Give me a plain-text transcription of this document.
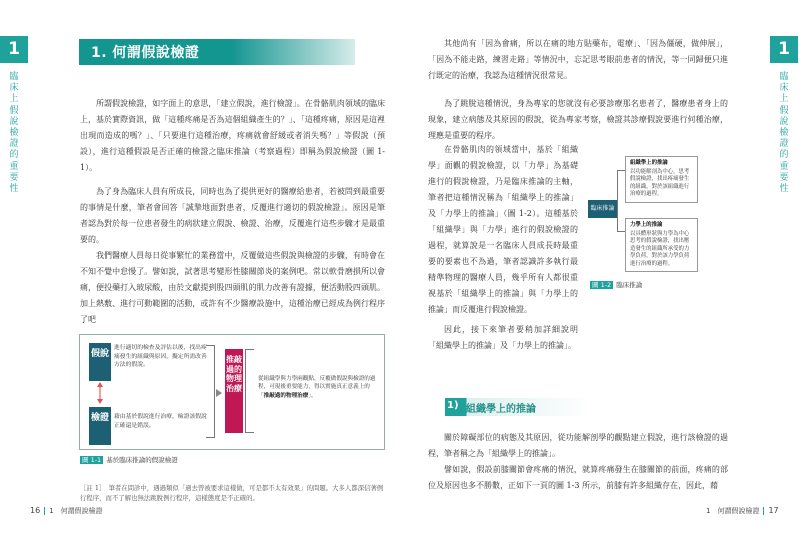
1
臨床上假說檢證的重要性
1
臨床上假說檢證的重要性
1. 何謂假說檢證

所謂假說檢證，如字面上的意思，「建立假說，進行檢證」。在骨骼肌肉領域的臨床上，基於實際資訊，做「這種疼痛是否為這個組織產生的？」、「這種疼痛，原因是這裡出現而造成的嗎？」、「只要進行這種治療，疼痛就會舒緩或者消失嗎？」等假說（預設），進行這種假設是否正確的檢證之臨床推論（考察過程）即稱為假說檢證（圖 1-1）。

為了身為臨床人員有所成長，同時也為了提供更好的醫療給患者，若被問到最重要的事情是什麼，筆者會回答「誠摯地面對患者，反覆進行適切的假說檢證」。原因是筆者認為對於每一位患者發生的病狀建立假說、檢證、治療，反覆進行這些步驟才是最重要的。

我們醫療人員每日從事繁忙的業務當中，反覆做這些假說與檢證的步驟，有時會在不知不覺中怠慢了。譬如說，試著思考變形性膝關節炎的案例吧。常以軟骨磨損所以會痛，便投藥打入玻尿酸，由於文獻提到股四頭肌的肌力改善有證據，便活動股四頭肌。加上熱敷、進行可動範圍的活動，或許有不少醫療設施中，這種治療已經成為例行程序了吧

假說
進行適切的檢查及評估以後，找出疼痛發生的組織與原因，擬定所需改善方法的假說。
檢證 藉由基於假說進行治療，檢證該假說正確還是錯誤。
推敲過的物理治療
從組織學與力學兩觀點，反覆做假說與檢證的過程，可現後重要能力，得以實施真正意義上的「推敲過的物理治療」。
圖 1-1 基於臨床推論的假說檢證
［註 1］　筆者在問診中，遇過類似「過去曾被要求這樣做，可是都不太有效果」的問題。大多人都深信著例行程序，而不了解也無法跳脫例行程序，這樣態度是不正確的。

其他尚有「因為會痛，所以在痛的地方貼藥布，電療」、「因為僵硬，做伸展」，「因為不能走路，練習走路」等情況中，忘記思考眼前患者的情況，等一同歸便只進行既定的治療，我認為這種情況很常見。

為了跳脫這種情況，身為專家的您就沒有必要診療那名患者了，醫療患者身上的現象，建立病態及其原因的假說，從為專家考察，檢證其診療假說要進行何種治療，理應是重要的程序。

在骨骼肌肉的領域當中，基於「組織學」面觀的假說檢證，以「力學」為基礎進行的假說檢證，乃是臨床推論的主軸，筆者把這種情況稱為「組織學上的推論」及「力學上的推論」（圖 1-2）。這種基於「組織學」與「力學」進行的假說檢證的過程，就算說是一名臨床人員成長時最重要的要素也不為過，筆者認識許多執行最精準物理的醫療人員，幾乎所有人都很重視基於「組織學上的推論」與「力學上的推論」而反覆進行假說檢證。

因此，接下來筆者要稍加詳細說明「組織學上的推論」及「力學上的推論」。

臨床推論
組織學上的推論
以功能解剖為中心，思考假說檢證，找出疼痛發生的組織，對於該組織進行治療的過程。
力學上的推論
以具體形狀與力學為中心思考的假說檢證，找出壓造發生的組織所承受的力學負荷，對於該力學負荷進行治療的過程。
圖 1-2 臨床推論
1) 組織學上的推論

關於障礙部位的病態及其原因，從功能解剖學的觀點建立假說，進行該檢證的過程，筆者稱之為「組織學上的推論」。

譬如說，假設前膝關節會疼痛的情況，就算疼痛發生在膝關節的前面，疼痛的部位及原因也多不勝數，正如下一頁的圖 1-3 所示，前膝有許多組織存在，因此，藉

16 1　何謂假說檢證	1　何謂假說檢證 17
